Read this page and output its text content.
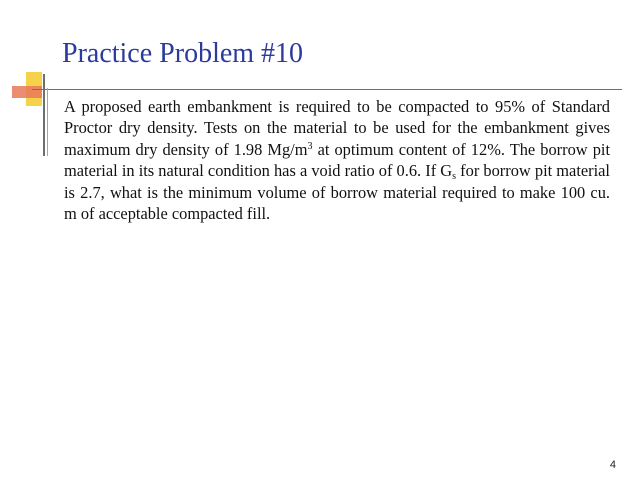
Practice Problem #10

A proposed earth embankment is required to be compacted to 95% of Standard Proctor dry density. Tests on the material to be used for the embankment gives maximum dry density of 1.98 $Mg/m^3$ at optimum content of 12%. The borrow pit material in its natural condition has a void ratio of 0.6. If $G_s$ for borrow pit material is 2.7, what is the minimum volume of borrow material required to make 100 cu. m of acceptable compacted fill.

4
